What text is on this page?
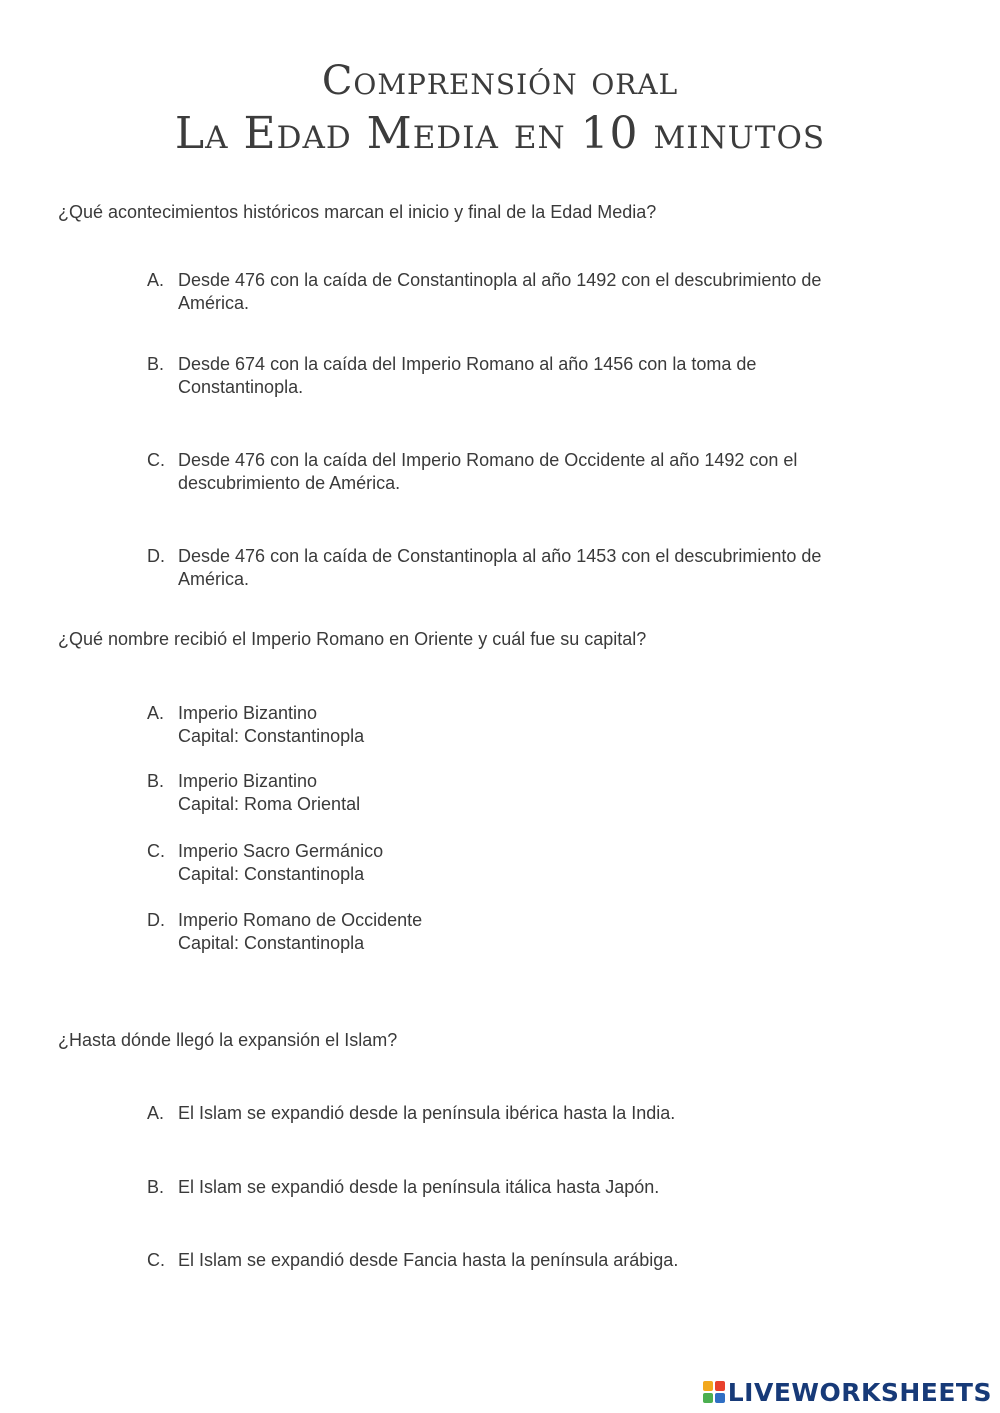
Comprensión oral
La Edad Media en 10 minutos
¿Qué acontecimientos históricos marcan el inicio y final de la Edad Media?
A. Desde 476 con la caída de Constantinopla al año 1492 con el descubrimiento de
América.
B. Desde 674 con la caída del Imperio Romano al año 1456 con la toma de
Constantinopla.
C. Desde 476 con la caída del Imperio Romano de Occidente al año 1492 con el
descubrimiento de América.
D. Desde 476 con la caída de Constantinopla al año 1453 con el descubrimiento de
América.
¿Qué nombre recibió el Imperio Romano en Oriente y cuál fue su capital?
A. Imperio Bizantino
Capital: Constantinopla
B. Imperio Bizantino
Capital: Roma Oriental
C. Imperio Sacro Germánico
Capital: Constantinopla
D. Imperio Romano de Occidente
Capital: Constantinopla
¿Hasta dónde llegó la expansión el Islam?
A. El Islam se expandió desde la península ibérica hasta la India.
B. El Islam se expandió desde la península itálica hasta Japón.
C. El Islam se expandió desde Fancia hasta la península arábiga.
LIVEWORKSHEETS
